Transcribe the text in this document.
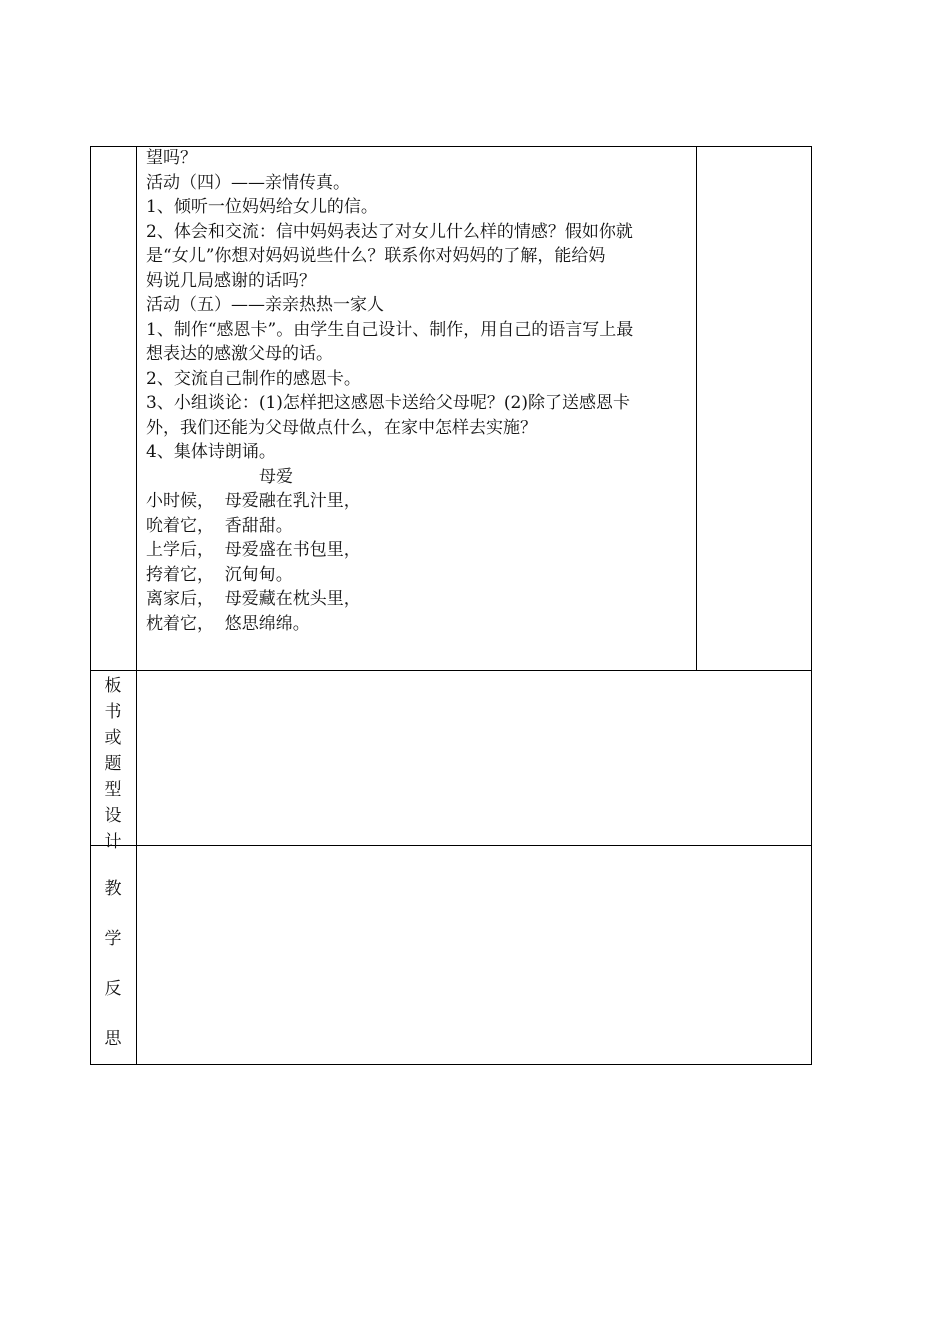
望吗？
活动（四）——亲情传真。
1、倾听一位妈妈给女儿的信。
2、体会和交流：信中妈妈表达了对女儿什么样的情感？假如你就
是“女儿”你想对妈妈说些什么？联系你对妈妈的了解，能给妈
妈说几局感谢的话吗？
活动（五）——亲亲热热一家人
1、制作“感恩卡”。由学生自己设计、制作，用自己的语言写上最
想表达的感激父母的话。
2、交流自己制作的感恩卡。
3、小组谈论：(1)怎样把这感恩卡送给父母呢？(2)除了送感恩卡
外，我们还能为父母做点什么，在家中怎样去实施？
4、集体诗朗诵。
母爱
小时候，  母爱融在乳汁里，
吮着它，  香甜甜。
上学后，  母爱盛在书包里，
挎着它，  沉甸甸。
离家后，  母爱藏在枕头里，
枕着它，  悠思绵绵。
板
书
或
题
型
设
计
教
学
反
思
